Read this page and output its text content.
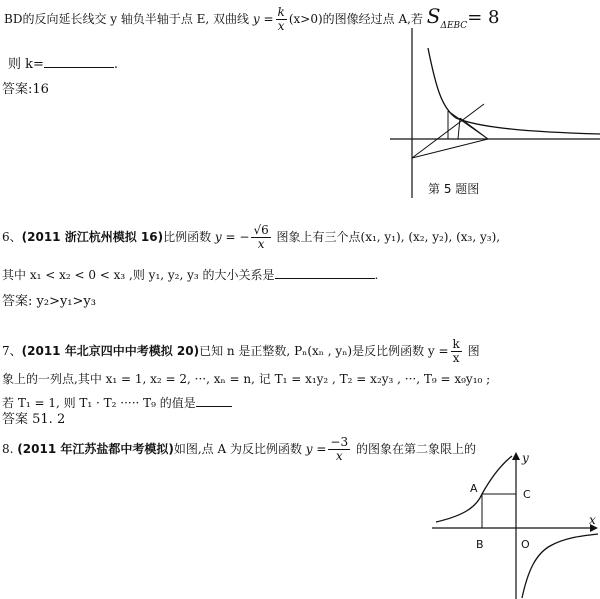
BD的反向延长线交 y 轴负半轴于点 E, 双曲线 $y = \frac{k}{x} (x>0)$的图像经过点 A,若 $S_{\Delta EBC}= 8$
则 k=	.
答案:16
第 5 题图
6、(2011 浙江杭州模拟 16)比例函数 y = − $\frac{√6}{x}$ 图象上有三个点(x₁, y₁), (x₂, y₂), (x₃, y₃),
其中 x₁ < x₂ < 0 < x₃ ,则 y₁, y₂, y₃ 的大小关系是	.
答案: y₂>y₁>y₃
7、(2011 年北京四中中考模拟 20)已知 n 是正整数, Pₙ(xₙ , yₙ)是反比例函数 $y = \frac{k}{x}$ 图
象上的一列点,其中 x₁ = 1, x₂ = 2, ···, xₙ = n, 记 T₁ = x₁y₂ , T₂ = x₂y₃ , ···, T₉ = x₉y₁₀ ;
若 T₁ = 1, 则 T₁ · T₂ ····· T₉ 的值是
答案 51. 2
8. (2011 年江苏盐都中考模拟)如图,点 A 为反比例函数 $y = \frac{-3}{x}$ 的图象在第二象限上的
y
x
A	C
B	O
